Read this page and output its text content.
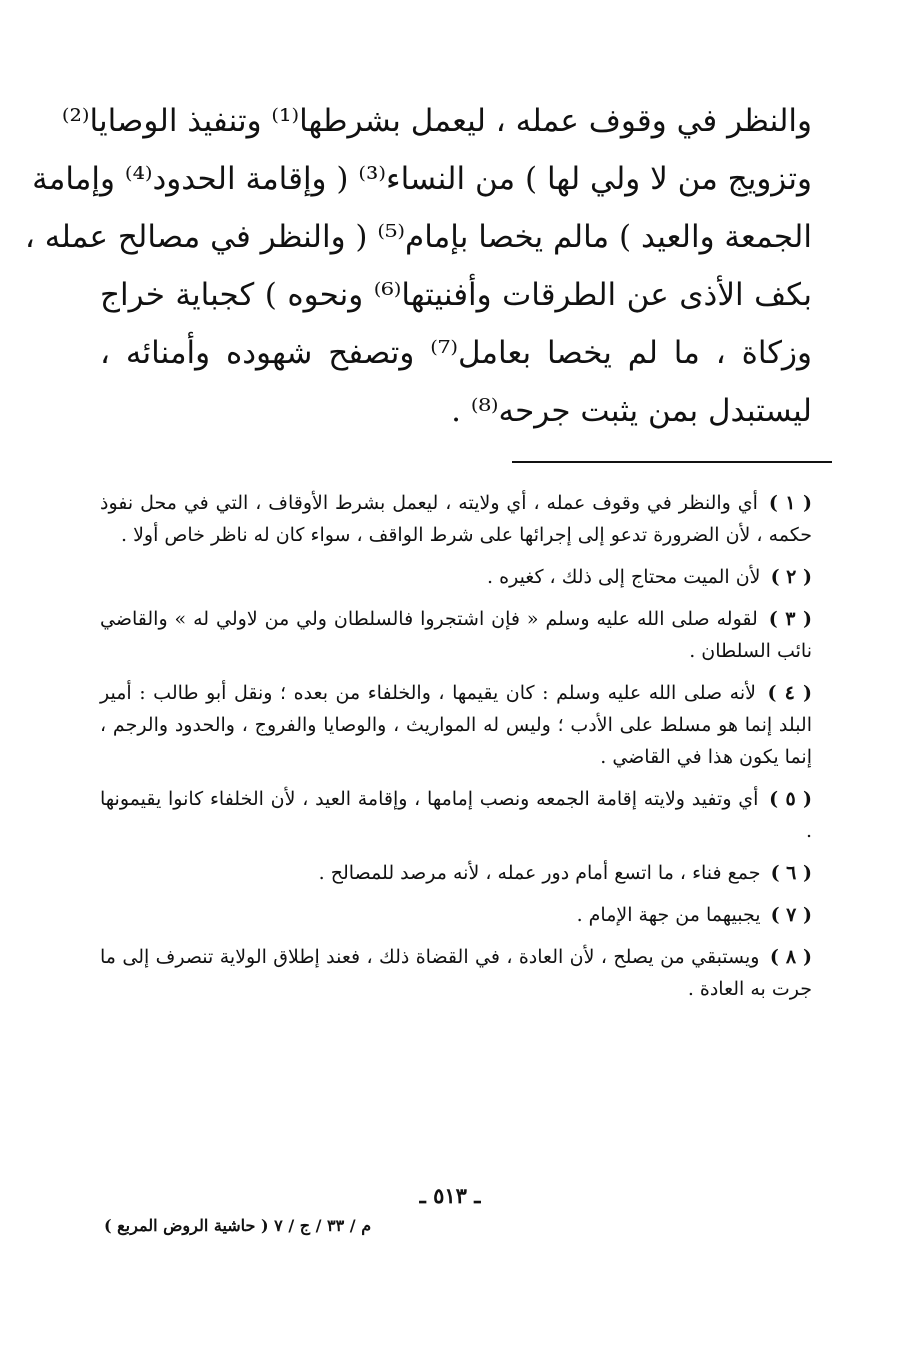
والنظر في وقوف عمله ، ليعمل بشرطها⁽¹⁾ وتنفيذ الوصايا⁽²⁾
وتزويج من لا ولي لها ) من النساء⁽³⁾ ( وإقامة الحدود⁽⁴⁾ وإمامة
الجمعة والعيد ) مالم يخصا بإمام⁽⁵⁾ ( والنظر في مصالح عمله ،
بكف الأذى عن الطرقات وأفنيتها⁽⁶⁾ ونحوه ) كجباية خراج
وزكاة ، ما لم يخصا بعامل⁽⁷⁾ وتصفح شهوده وأمنائه ،
ليستبدل بمن يثبت جرحه⁽⁸⁾ .
( ١ ) أي والنظر في وقوف عمله ، أي ولايته ، ليعمل بشرط الأوقاف ، التي في محل نفوذ حكمه ، لأن الضرورة تدعو إلى إجرائها على شرط الواقف ، سواء كان له ناظر خاص أولا .
( ٢ ) لأن الميت محتاج إلى ذلك ، كغيره .
( ٣ ) لقوله صلى الله عليه وسلم « فإن اشتجروا فالسلطان ولي من لاولي له » والقاضي نائب السلطان .
( ٤ ) لأنه صلى الله عليه وسلم : كان يقيمها ، والخلفاء من بعده ؛ ونقل أبو طالب : أمير البلد إنما هو مسلط على الأدب ؛ وليس له المواريث ، والوصايا والفروج ، والحدود والرجم ، إنما يكون هذا في القاضي .
( ٥ ) أي وتفيد ولايته إقامة الجمعه ونصب إمامها ، وإقامة العيد ، لأن الخلفاء كانوا يقيمونها .
( ٦ ) جمع فناء ، ما اتسع أمام دور عمله ، لأنه مرصد للمصالح .
( ٧ ) يجبيهما من جهة الإمام .
( ٨ ) ويستبقي من يصلح ، لأن العادة ، في القضاة ذلك ، فعند إطلاق الولاية تنصرف إلى ما جرت به العادة .
ـ ٥١٣ ـ
م / ٣٣ / ج / ٧ ( حاشية الروض المربع )
